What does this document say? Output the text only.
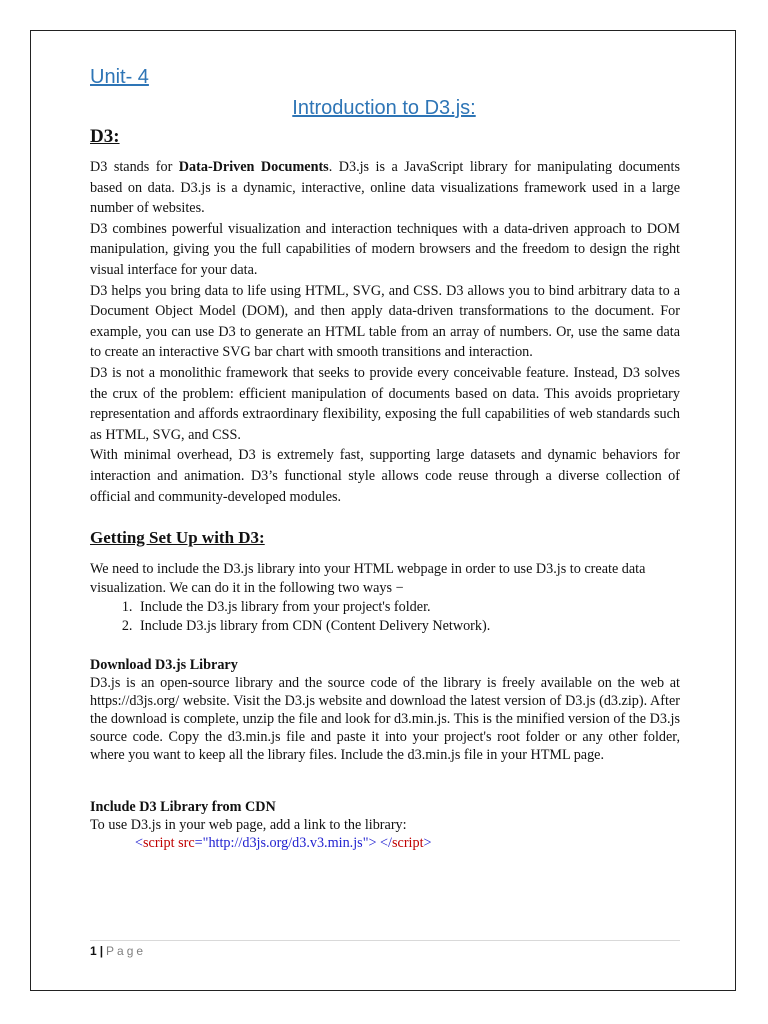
Unit- 4
Introduction to D3.js:
D3:

D3 stands for Data-Driven Documents. D3.js is a JavaScript library for manipulating documents based on data. D3.js is a dynamic, interactive, online data visualizations framework used in a large number of websites.

D3 combines powerful visualization and interaction techniques with a data-driven approach to DOM manipulation, giving you the full capabilities of modern browsers and the freedom to design the right visual interface for your data.

D3 helps you bring data to life using HTML, SVG, and CSS. D3 allows you to bind arbitrary data to a Document Object Model (DOM), and then apply data-driven transformations to the document. For example, you can use D3 to generate an HTML table from an array of numbers. Or, use the same data to create an interactive SVG bar chart with smooth transitions and interaction.

D3 is not a monolithic framework that seeks to provide every conceivable feature. Instead, D3 solves the crux of the problem: efficient manipulation of documents based on data. This avoids proprietary representation and affords extraordinary flexibility, exposing the full capabilities of web standards such as HTML, SVG, and CSS.

With minimal overhead, D3 is extremely fast, supporting large datasets and dynamic behaviors for interaction and animation. D3’s functional style allows code reuse through a diverse collection of official and community-developed modules.

Getting Set Up with D3:

We need to include the D3.js library into your HTML webpage in order to use D3.js to create data visualization. We can do it in the following two ways −

1. Include the D3.js library from your project's folder.
2. Include D3.js library from CDN (Content Delivery Network).
Download D3.js Library

D3.js is an open-source library and the source code of the library is freely available on the web at https://d3js.org/ website. Visit the D3.js website and download the latest version of D3.js (d3.zip). After the download is complete, unzip the file and look for d3.min.js. This is the minified version of the D3.js source code. Copy the d3.min.js file and paste it into your project's root folder or any other folder, where you want to keep all the library files. Include the d3.min.js file in your HTML page.

Include D3 Library from CDN

To use D3.js in your web page, add a link to the library:

<script src="http://d3js.org/d3.v3.min.js"> </script>

1 | Page
